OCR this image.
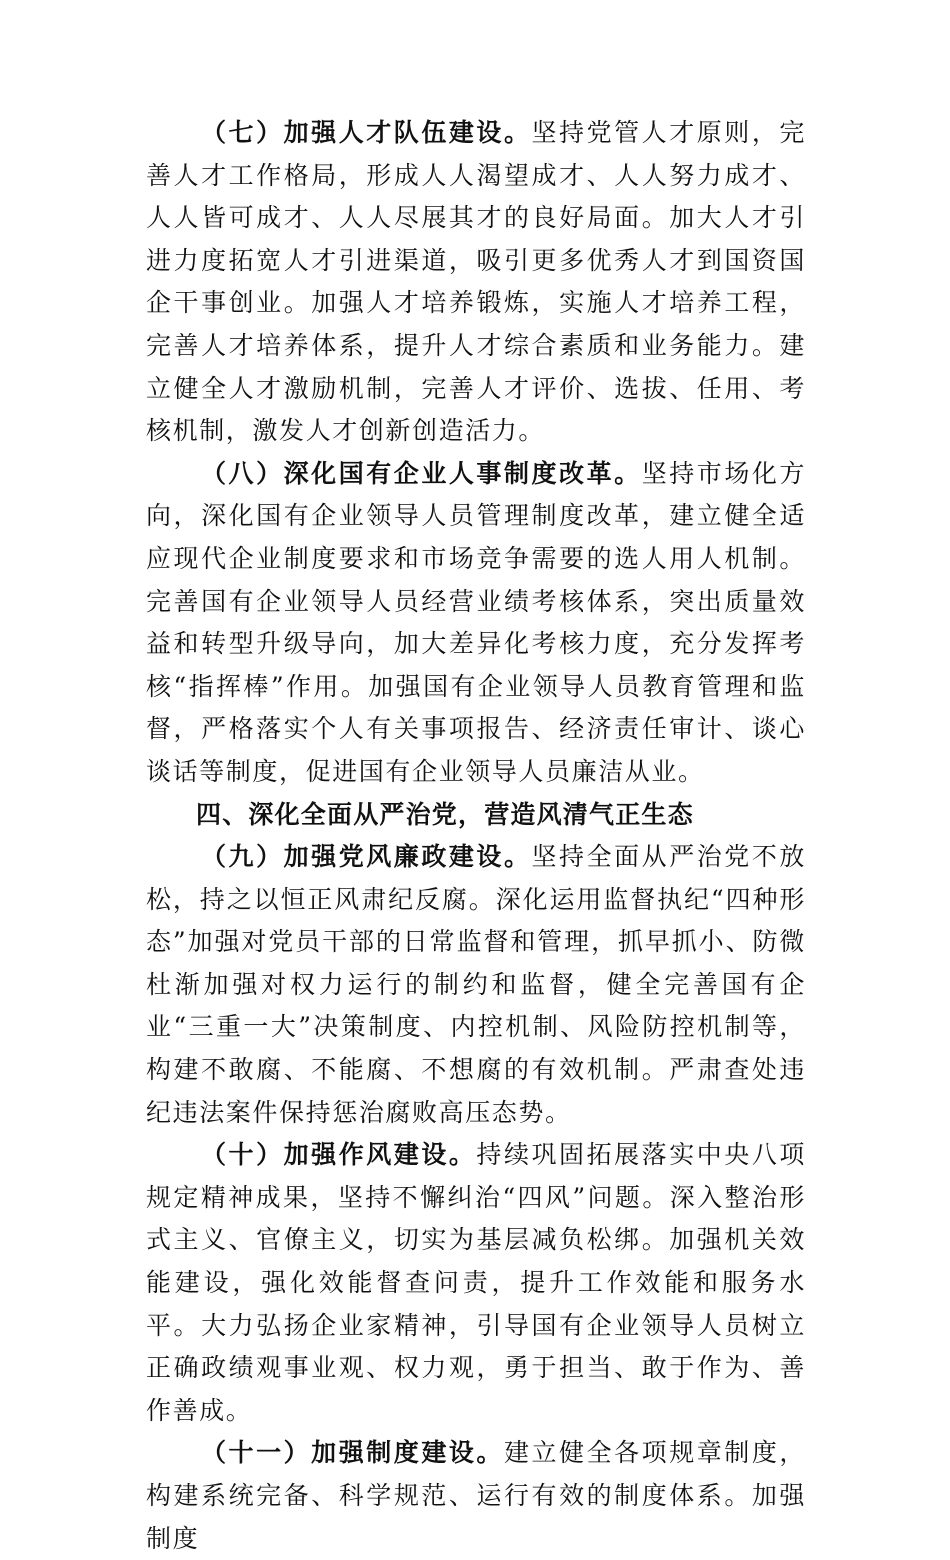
（七）加强人才队伍建设。坚持党管人才原则，完善人才工作格局，形成人人渴望成才、人人努力成才、人人皆可成才、人人尽展其才的良好局面。加大人才引进力度拓宽人才引进渠道，吸引更多优秀人才到国资国企干事创业。加强人才培养锻炼，实施人才培养工程，完善人才培养体系，提升人才综合素质和业务能力。建立健全人才激励机制，完善人才评价、选拔、任用、考核机制，激发人才创新创造活力。

（八）深化国有企业人事制度改革。坚持市场化方向，深化国有企业领导人员管理制度改革，建立健全适应现代企业制度要求和市场竞争需要的选人用人机制。完善国有企业领导人员经营业绩考核体系，突出质量效益和转型升级导向，加大差异化考核力度，充分发挥考核“指挥棒”作用。加强国有企业领导人员教育管理和监督，严格落实个人有关事项报告、经济责任审计、谈心谈话等制度，促进国有企业领导人员廉洁从业。

四、深化全面从严治党，营造风清气正生态

（九）加强党风廉政建设。坚持全面从严治党不放松，持之以恒正风肃纪反腐。深化运用监督执纪“四种形态”加强对党员干部的日常监督和管理，抓早抓小、防微杜渐加强对权力运行的制约和监督，健全完善国有企业“三重一大”决策制度、内控机制、风险防控机制等，构建不敢腐、不能腐、不想腐的有效机制。严肃查处违纪违法案件保持惩治腐败高压态势。

（十）加强作风建设。持续巩固拓展落实中央八项规定精神成果，坚持不懈纠治“四风”问题。深入整治形式主义、官僚主义，切实为基层减负松绑。加强机关效能建设，强化效能督查问责，提升工作效能和服务水平。大力弘扬企业家精神，引导国有企业领导人员树立正确政绩观事业观、权力观，勇于担当、敢于作为、善作善成。

（十一）加强制度建设。建立健全各项规章制度，构建系统完备、科学规范、运行有效的制度体系。加强制度
